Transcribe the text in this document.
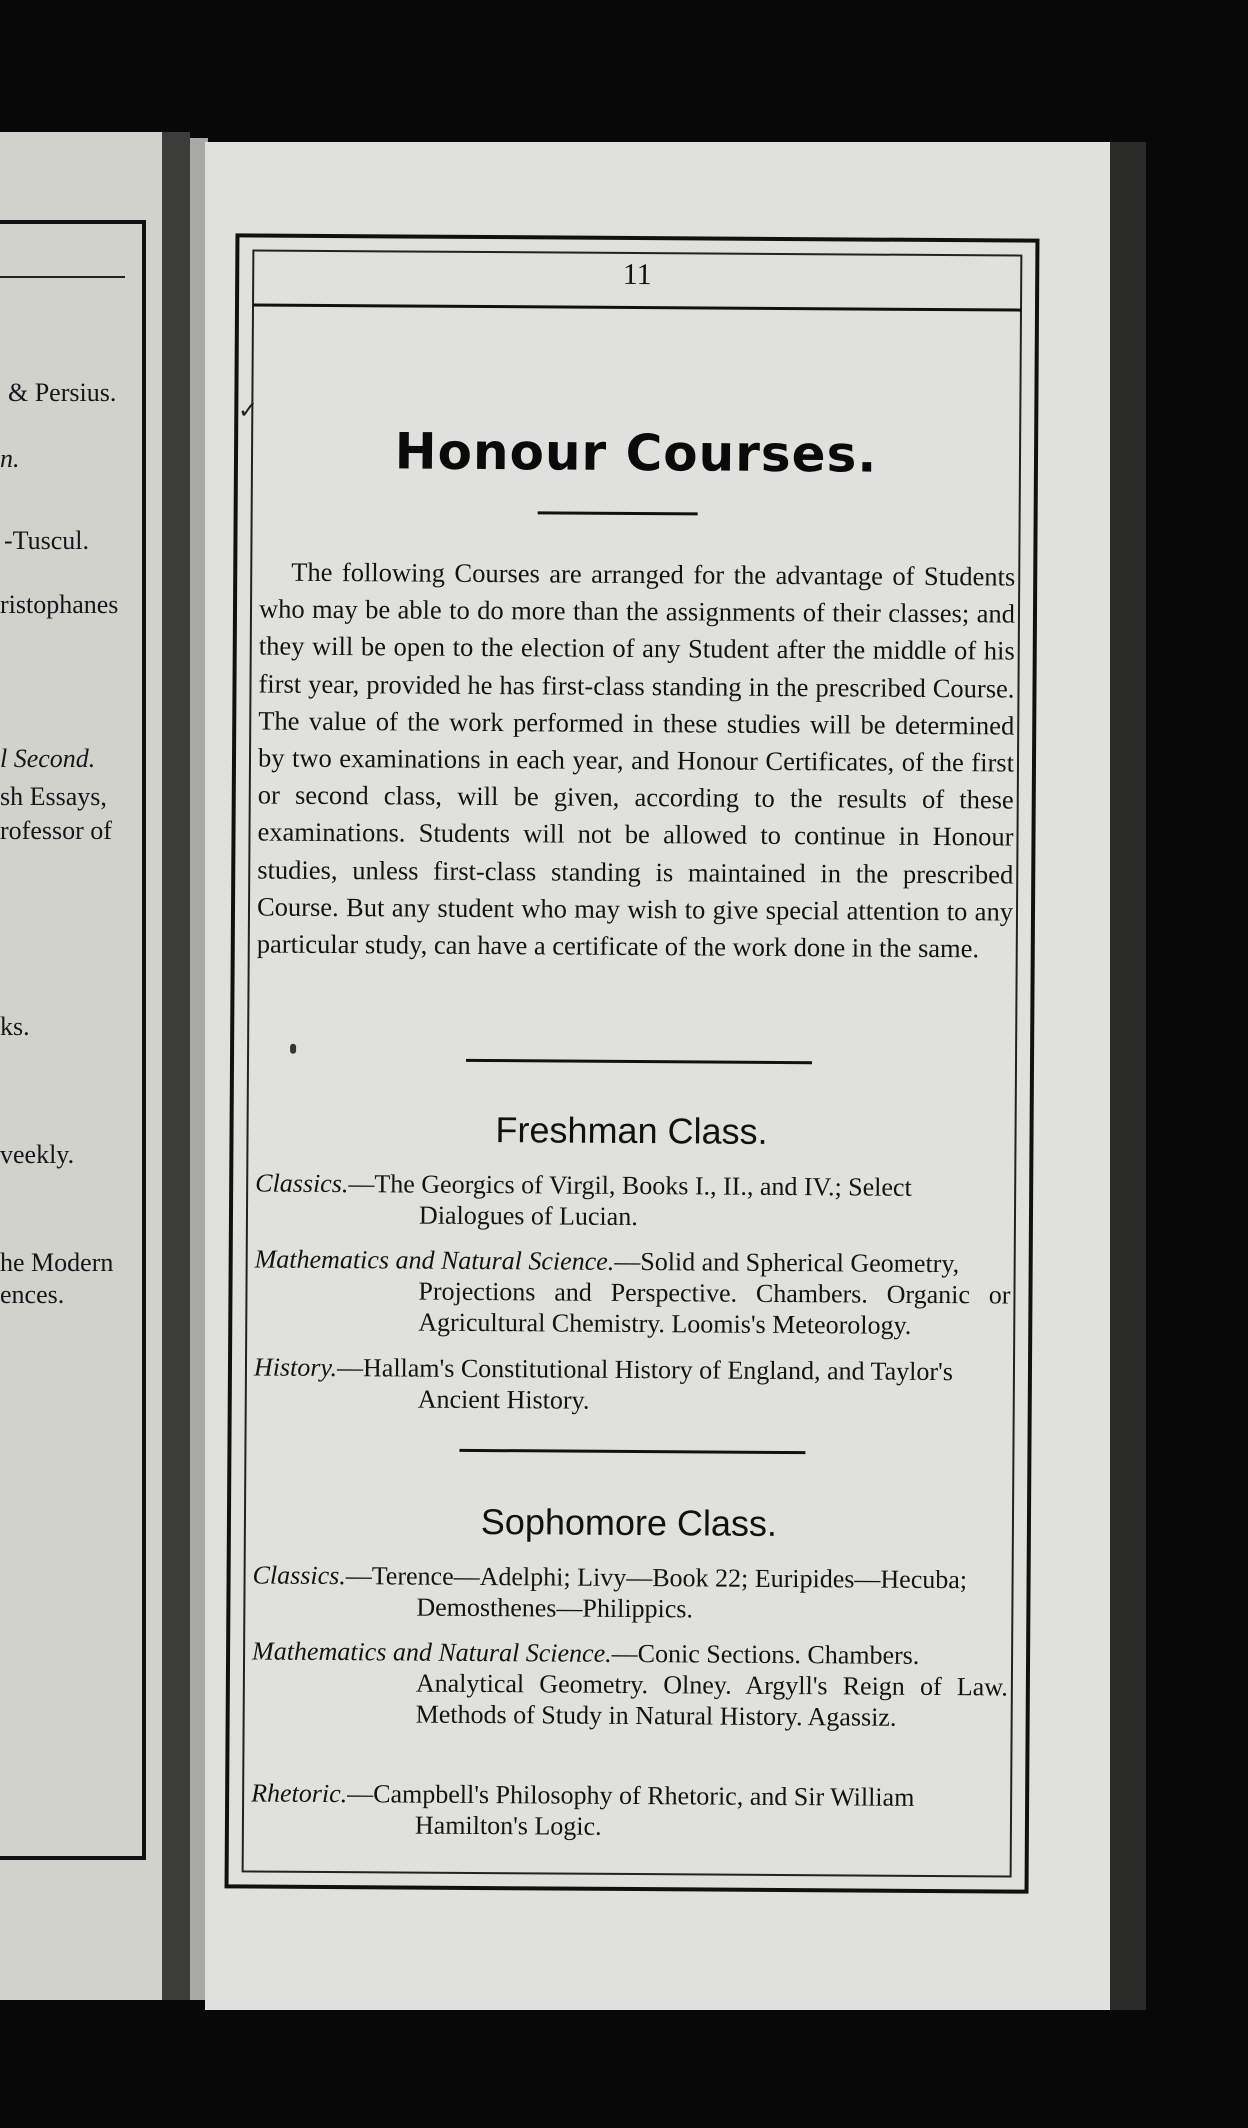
& Persius.
n.
-Tuscul.
ristophanes
l Second.
sh Essays,
rofessor of
ks.
veekly.
he Modern
ences.
✓
11
Honour Courses.

The following Courses are arranged for the advantage of Students who may be able to do more than the assignments of their classes; and they will be open to the election of any Student after the middle of his first year, provided he has first-class standing in the prescribed Course. The value of the work performed in these studies will be determined by two examinations in each year, and Honour Certificates, of the first or second class, will be given, according to the results of these examinations. Students will not be allowed to continue in Honour studies, unless first-class standing is maintained in the prescribed Course. But any student who may wish to give special attention to any particular study, can have a certificate of the work done in the same.

Freshman Class.
Classics.—The Georgics of Virgil, Books I., II., and IV.; Select
Dialogues of Lucian.
Mathematics and Natural Science.—Solid and Spherical Geometry,
Projections and Perspective. Chambers. Organic or Agricultural Chemistry. Loomis's Meteorology.
History.—Hallam's Constitutional History of England, and Taylor's
Ancient History.
Sophomore Class.
Classics.—Terence—Adelphi; Livy—Book 22; Euripides—Hecuba;
Demosthenes—Philippics.
Mathematics and Natural Science.—Conic Sections. Chambers.
Analytical Geometry. Olney. Argyll's Reign of Law. Methods of Study in Natural History. Agassiz.
Rhetoric.—Campbell's Philosophy of Rhetoric, and Sir William
Hamilton's Logic.
